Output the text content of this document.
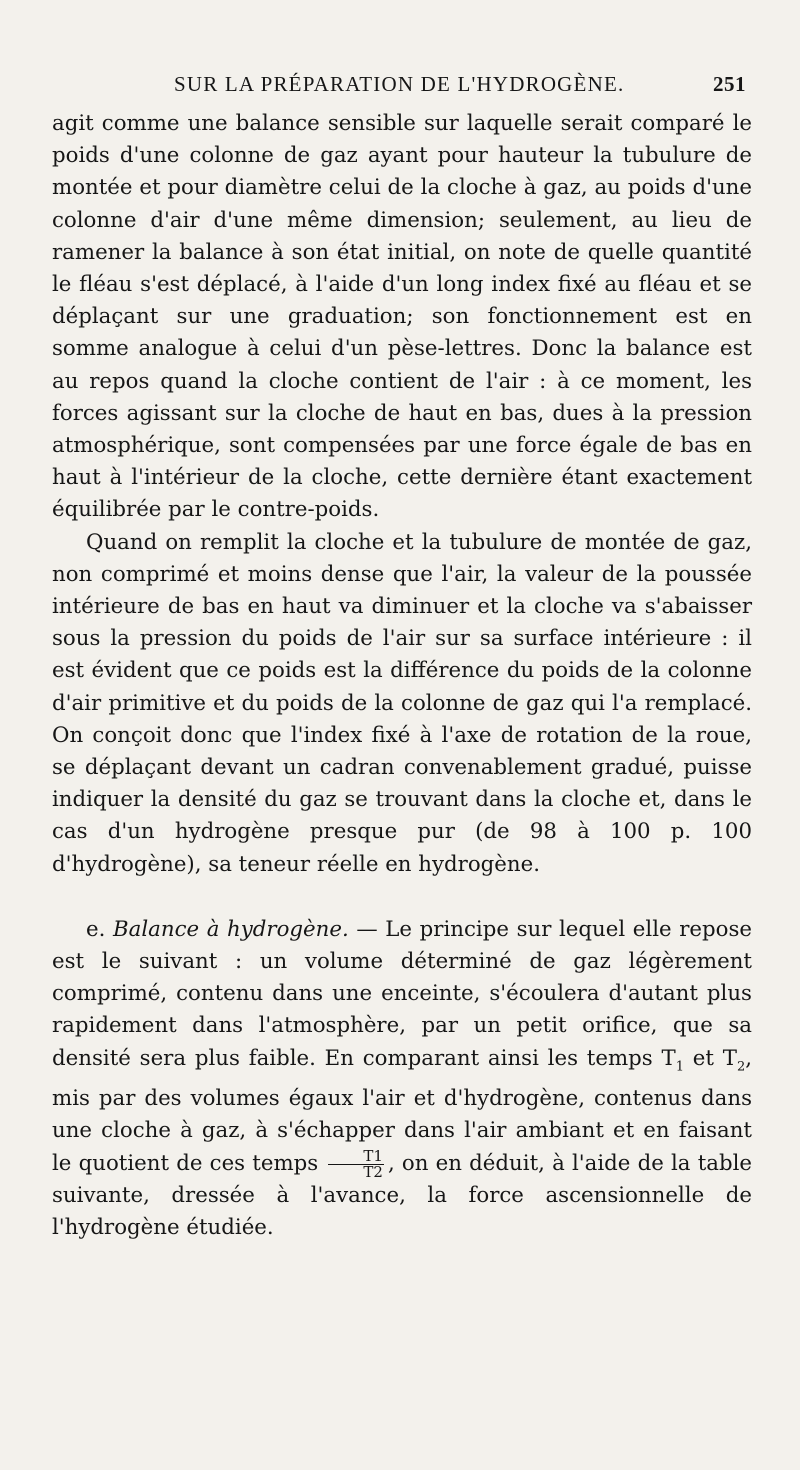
SUR LA PRÉPARATION DE L'HYDROGÈNE.	251

agit comme une balance sensible sur laquelle serait comparé le poids d'une colonne de gaz ayant pour hauteur la tubulure de montée et pour diamètre celui de la cloche à gaz, au poids d'une colonne d'air d'une même dimension; seulement, au lieu de ramener la balance à son état initial, on note de quelle quantité le fléau s'est déplacé, à l'aide d'un long index fixé au fléau et se déplaçant sur une graduation; son fonctionnement est en somme analogue à celui d'un pèse-lettres. Donc la balance est au repos quand la cloche contient de l'air : à ce moment, les forces agissant sur la cloche de haut en bas, dues à la pression atmosphérique, sont compensées par une force égale de bas en haut à l'intérieur de la cloche, cette dernière étant exactement équilibrée par le contre-poids.

Quand on remplit la cloche et la tubulure de montée de gaz, non comprimé et moins dense que l'air, la valeur de la poussée intérieure de bas en haut va diminuer et la cloche va s'abaisser sous la pression du poids de l'air sur sa surface intérieure : il est évident que ce poids est la différence du poids de la colonne d'air primitive et du poids de la colonne de gaz qui l'a remplacé. On conçoit donc que l'index fixé à l'axe de rotation de la roue, se déplaçant devant un cadran convenablement gradué, puisse indiquer la densité du gaz se trouvant dans la cloche et, dans le cas d'un hydrogène presque pur (de 98 à 100 p. 100 d'hydrogène), sa teneur réelle en hydrogène.

e. Balance à hydrogène. — Le principe sur lequel elle repose est le suivant : un volume déterminé de gaz légèrement comprimé, contenu dans une enceinte, s'écoulera d'autant plus rapidement dans l'atmosphère, par un petit orifice, que sa densité sera plus faible. En comparant ainsi les temps $T_1$ et $T_2$, mis par des volumes égaux l'air et d'hydrogène, contenus dans une cloche à gaz, à s'échapper dans l'air ambiant et en faisant le quotient de ces temps $\frac{T1}{T2}$ , on en déduit, à l'aide de la table suivante, dressée à l'avance, la force ascensionnelle de l'hydrogène étudiée.
